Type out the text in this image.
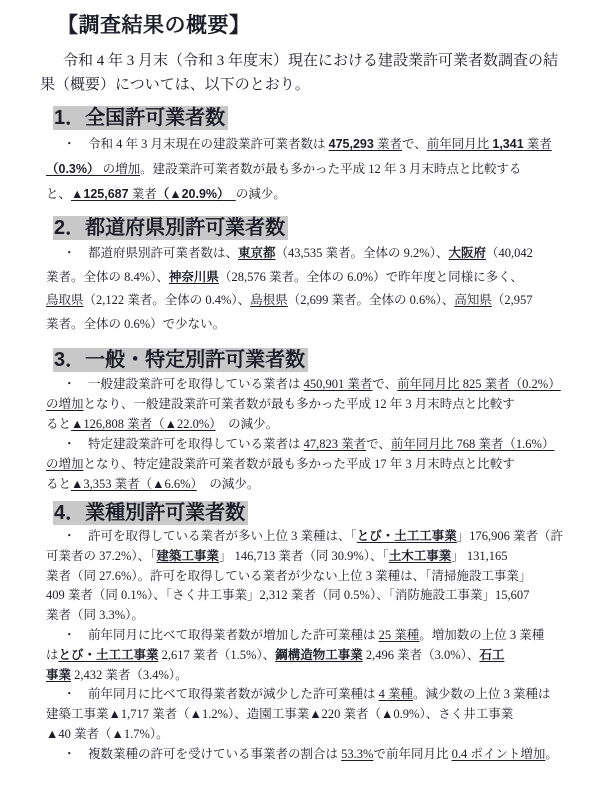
【調査結果の概要】

　令和 4 年 3 月末（令和 3 年度末）現在における建設業許可業者数調査の結
果（概要）については、以下のとおり。

1．全国許可業者数

・　令和 4 年 3 月末現在の建設業許可業者数は 475,293 業者で、前年同月比 1,341 業者
（0.3%） の増加。建設業許可業者数が最も多かった平成 12 年 3 月末時点と比較する
と、▲125,687 業者（▲20.9%）　 の減少。

2．都道府県別許可業者数

・　都道府県別許可業者数は、東京都（43,535 業者。全体の 9.2%）、大阪府（40,042
業者。全体の 8.4%）、神奈川県（28,576 業者。全体の 6.0%）で昨年度と同様に多く、
鳥取県（2,122 業者。全体の 0.4%）、島根県（2,699 業者。全体の 0.6%）、高知県（2,957
業者。全体の 0.6%）で少ない。

3．一般・特定別許可業者数

・　一般建設業許可を取得している業者は 450,901 業者で、前年同月比 825 業者（0.2%）
の増加となり、一般建設業許可業者数が最も多かった平成 12 年 3 月末時点と比較す
ると▲126,808 業者（▲22.0%）　の減少。

・　特定建設業許可を取得している業者は 47,823 業者で、前年同月比 768 業者（1.6%）
の増加となり、特定建設業許可業者数が最も多かった平成 17 年 3 月末時点と比較す
ると▲3,353 業者（▲6.6%）　の減少。

4．業種別許可業者数

・　許可を取得している業者が多い上位 3 業種は、「とび・土工工事業」176,906 業者（許
可業者の 37.2%）、「建築工事業」 146,713 業者（同 30.9%）、「土木工事業」 131,165
業者（同 27.6%）。許可を取得している業者が少ない上位 3 業種は、「清掃施設工事業」
409 業者（同 0.1%）、「さく井工事業」2,312 業者（同 0.5%）、「消防施設工事業」15,607
業者（同 3.3%）。

・　前年同月に比べて取得業者数が増加した許可業種は 25 業種。増加数の上位 3 業種
はとび・土工工事業 2,617 業者（1.5%）、鋼構造物工事業 2,496 業者（3.0%）、石工
事業 2,432 業者（3.4%）。

・　前年同月に比べて取得業者数が減少した許可業種は 4 業種。減少数の上位 3 業種は
建築工事業▲1,717 業者（▲1.2%）、造園工事業▲220 業者（▲0.9%）、さく井工事業
▲40 業者（▲1.7%）。

・　複数業種の許可を受けている事業者の割合は 53.3%で前年同月比 0.4 ポイント増加。
